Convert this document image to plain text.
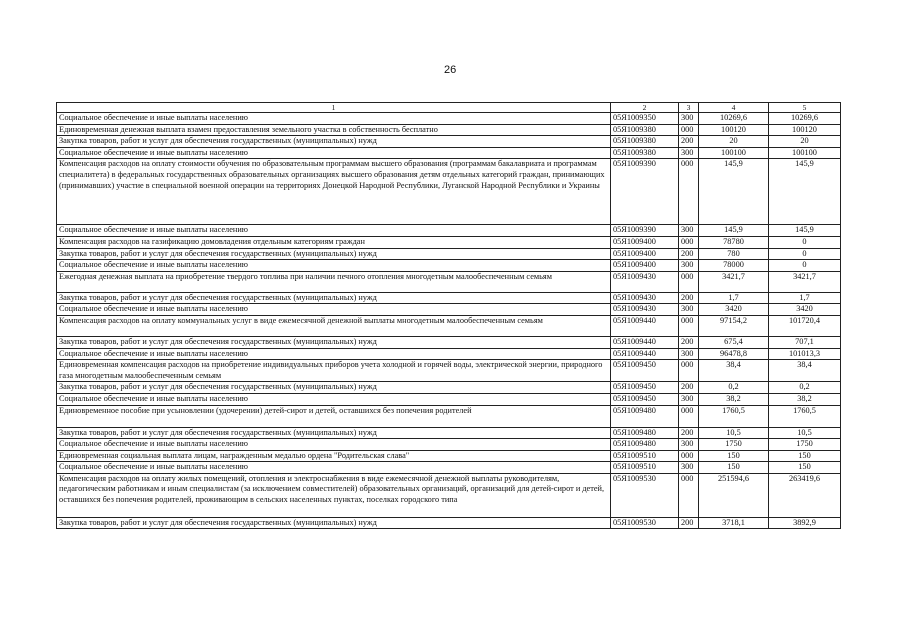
26
1	2	3	4	5
Социальное обеспечение и иные выплаты населению	05Я1009350	300	10269,6	10269,6
Единовременная денежная выплата взамен предоставления земельного участка в собственность бесплатно	05Я1009380	000	100120	100120
Закупка товаров, работ и услуг для обеспечения государственных (муниципальных) нужд	05Я1009380	200	20	20
Социальное обеспечение и иные выплаты населению	05Я1009380	300	100100	100100
Компенсация расходов на оплату стоимости обучения по образовательным программам высшего образования (программам бакалавриата и программам специалитета) в федеральных государственных образовательных организациях высшего образования детям отдельных категорий граждан, принимающих (принимавших) участие в специальной военной операции на территориях Донецкой Народной Республики, Луганской Народной Республики и Украины	05Я1009390	000	145,9	145,9
Социальное обеспечение и иные выплаты населению	05Я1009390	300	145,9	145,9
Компенсация расходов на газификацию домовладения отдельным категориям граждан	05Я1009400	000	78780	0
Закупка товаров, работ и услуг для обеспечения государственных (муниципальных) нужд	05Я1009400	200	780	0
Социальное обеспечение и иные выплаты населению	05Я1009400	300	78000	0
Ежегодная денежная выплата на приобретение твердого топлива при наличии печного отопления многодетным малообеспеченным семьям	05Я1009430	000	3421,7	3421,7
Закупка товаров, работ и услуг для обеспечения государственных (муниципальных) нужд	05Я1009430	200	1,7	1,7
Социальное обеспечение и иные выплаты населению	05Я1009430	300	3420	3420
Компенсация расходов на оплату коммунальных услуг в виде ежемесячной денежной выплаты многодетным малообеспеченным семьям	05Я1009440	000	97154,2	101720,4
Закупка товаров, работ и услуг для обеспечения государственных (муниципальных) нужд	05Я1009440	200	675,4	707,1
Социальное обеспечение и иные выплаты населению	05Я1009440	300	96478,8	101013,3
Единовременная компенсация расходов на приобретение индивидуальных приборов учета холодной и горячей воды, электрической энергии, природного газа многодетным малообеспеченным семьям	05Я1009450	000	38,4	38,4
Закупка товаров, работ и услуг для обеспечения государственных (муниципальных) нужд	05Я1009450	200	0,2	0,2
Социальное обеспечение и иные выплаты населению	05Я1009450	300	38,2	38,2
Единовременное пособие при усыновлении (удочерении) детей-сирот и детей, оставшихся без попечения родителей	05Я1009480	000	1760,5	1760,5
Закупка товаров, работ и услуг для обеспечения государственных (муниципальных) нужд	05Я1009480	200	10,5	10,5
Социальное обеспечение и иные выплаты населению	05Я1009480	300	1750	1750
Единовременная социальная выплата лицам, награжденным медалью ордена "Родительская слава"	05Я1009510	000	150	150
Социальное обеспечение и иные выплаты населению	05Я1009510	300	150	150
Компенсация расходов на оплату жилых помещений, отопления и электроснабжения в виде ежемесячной денежной выплаты руководителям, педагогическим работникам и иным специалистам (за исключением совместителей) образовательных организаций, организаций для детей-сирот и детей, оставшихся без попечения родителей, проживающим в сельских населенных пунктах, поселках городского типа	05Я1009530	000	251594,6	263419,6
Закупка товаров, работ и услуг для обеспечения государственных (муниципальных) нужд	05Я1009530	200	3718,1	3892,9
